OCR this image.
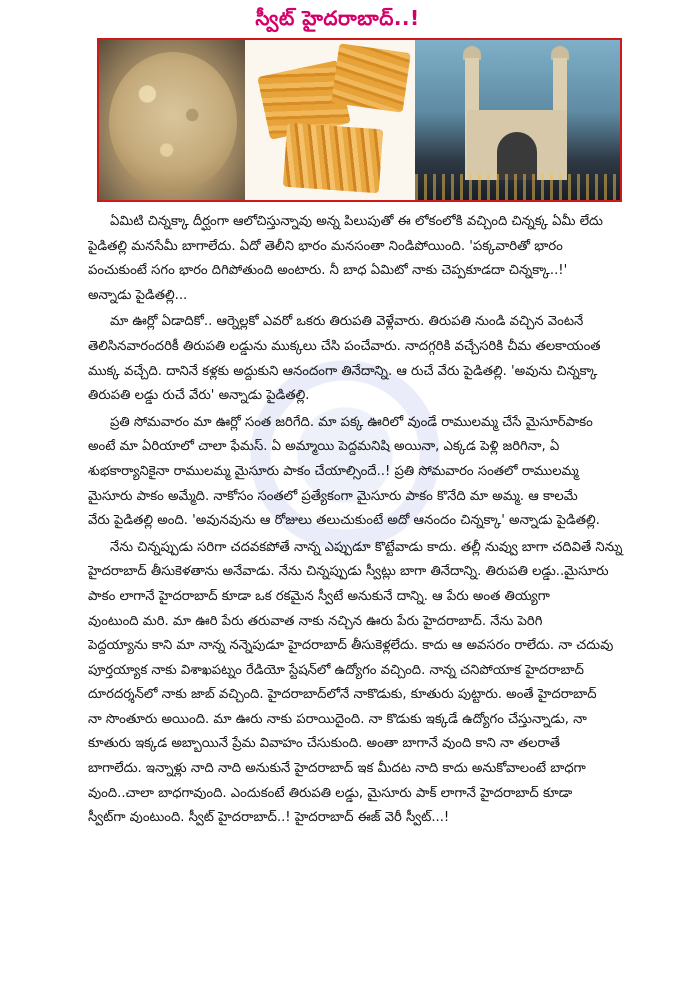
స్వీట్ హైదరాబాద్..!
ఏమిటి చిన్నక్కా దీర్ఘంగా ఆలోచిస్తున్నావు అన్న పిలుపుతో ఈ లోకంలోకి వచ్చింది చిన్నక్క ఏమీ లేదు
పైడితల్లి మనసేమీ బాగాలేదు. ఏదో తెలీని భారం మనసంతా నిండిపోయింది. 'పక్కవారితో భారం
పంచుకుంటే సగం భారం దిగిపోతుంది అంటారు. నీ బాధ ఏమిటో నాకు చెప్పకూడదా చిన్నక్కా..!'
అన్నాడు పైడితల్లి...
మా ఊర్లో ఏడాదికో.. ఆర్నెల్లకో ఎవరో ఒకరు తిరుపతి వెళ్లేవారు. తిరుపతి నుండి వచ్చిన వెంటనే
తెలిసినవారందరికీ తిరుపతి లడ్డును ముక్కలు చేసి పంచేవారు. నాదగ్గరికి వచ్చేసరికి చీమ తలకాయంత
ముక్క వచ్చేది. దానినే కళ్లకు అద్దుకుని ఆనందంగా తినేదాన్ని. ఆ రుచే వేరు పైడితల్లి. 'అవును చిన్నక్కా
తిరుపతి లడ్డు రుచే వేరు' అన్నాడు పైడితల్లి.
ప్రతి సోమవారం మా ఊర్లో సంత జరిగేది. మా పక్క ఊరిలో వుండే రాములమ్మ చేసే మైసూర్‌పాకం
అంటే మా ఏరియాలో చాలా ఫేమస్. ఏ అమ్మాయి పెద్దమనిషి అయినా, ఎక్కడ పెళ్లి జరిగినా, ఏ
శుభకార్యానికైనా రాములమ్మ మైసూరు పాకం చేయాల్సిందే..! ప్రతి సోమవారం సంతలో రాములమ్మ
మైసూరు పాకం అమ్మేది. నాకోసం సంతలో ప్రత్యేకంగా మైసూరు పాకం కొనేది మా అమ్మ. ఆ కాలమే
వేరు పైడితల్లి అంది. 'అవునవును ఆ రోజులు తలుచుకుంటే అదో ఆనందం చిన్నక్కా' అన్నాడు పైడితల్లి.
నేను చిన్నప్పుడు సరిగా చదవకపోతే నాన్న ఎప్పుడూ కొట్టేవాడు కాదు. తల్లీ నువ్వు బాగా చదివితే నిన్ను
హైదరాబాద్ తీసుకెళతాను అనేవాడు. నేను చిన్నప్పుడు స్వీట్లు బాగా తినేదాన్ని. తిరుపతి లడ్డు..మైసూరు
పాకం లాగానే హైదరాబాద్ కూడా ఒక రకమైన స్వీటే అనుకునే దాన్ని. ఆ పేరు అంత తియ్యగా
వుంటుంది మరి. మా ఊరి పేరు తరువాత నాకు నచ్చిన ఊరు పేరు హైదరాబాద్. నేను పెరిగి
పెద్దయ్యాను కాని మా నాన్న నన్నెపుడూ హైదరాబాద్ తీసుకెళ్లలేదు. కాదు ఆ అవసరం రాలేదు. నా చదువు
పూర్తయ్యాక నాకు విశాఖపట్నం రేడియో స్టేషన్‌లో ఉద్యోగం వచ్చింది. నాన్న చనిపోయాక హైదరాబాద్
దూరదర్శన్‌లో నాకు జాబ్ వచ్చింది. హైదరాబాద్‌లోనే నాకొడుకు, కూతురు పుట్టారు. అంతే హైదరాబాద్
నా సొంతూరు అయింది. మా ఊరు నాకు పరాయిదైంది. నా కొడుకు ఇక్కడే ఉద్యోగం చేస్తున్నాడు, నా
కూతురు ఇక్కడ అబ్బాయినే ప్రేమ వివాహం చేసుకుంది. అంతా బాగానే వుంది కాని నా తలరాతే
బాగాలేదు. ఇన్నాళ్లు నాది నాది అనుకునే హైదరాబాద్ ఇక మీదట నాది కాదు అనుకోవాలంటే బాధగా
వుంది..చాలా బాధగావుంది. ఎందుకంటే తిరుపతి లడ్డు, మైసూరు పాక్ లాగానే హైదరాబాద్ కూడా
స్వీట్‌గా వుంటుంది. స్వీట్ హైదరాబాద్..! హైదరాబాద్ ఈజ్ వెరీ స్వీట్...!
